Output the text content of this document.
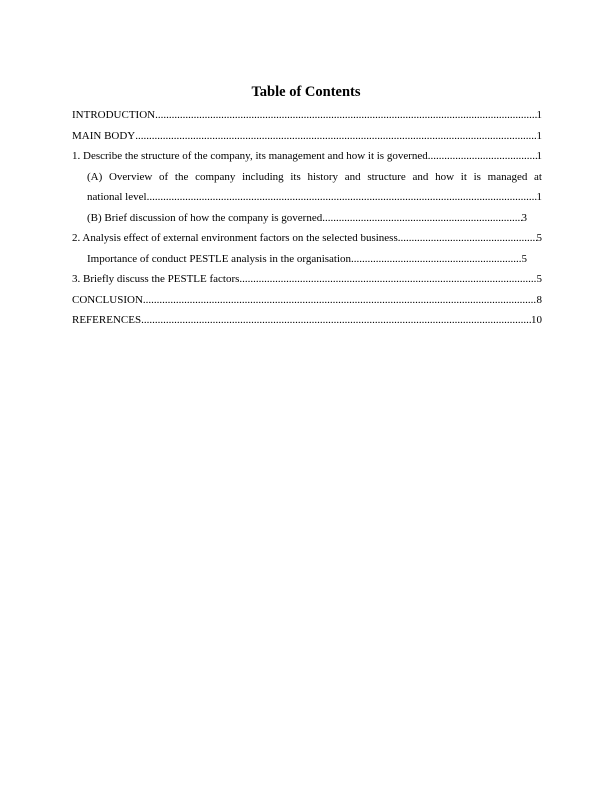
Table of Contents
INTRODUCTION .....	1
MAIN BODY .....	1
1. Describe the structure of the company, its management and how it is governed .....	1
(A) Overview of the company including its history and structure and how it is managed at
national level .....	1
(B) Brief discussion of how the company is governed .....	3
2. Analysis effect of external environment factors on the selected business .....	5
Importance of conduct PESTLE analysis in the organisation .....	5
3. Briefly discuss the PESTLE factors .....	5
CONCLUSION .....	8
REFERENCES .....	10
